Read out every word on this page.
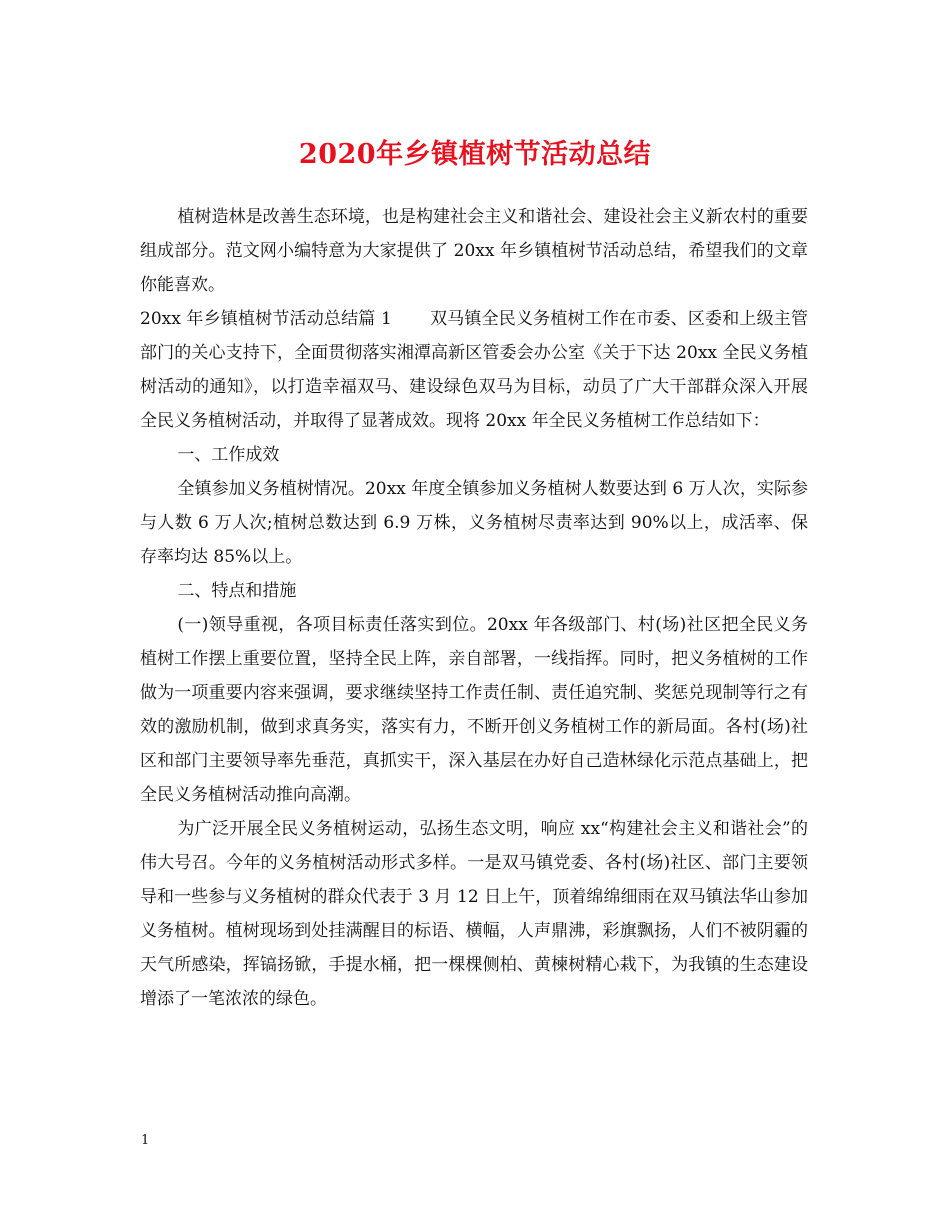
2020年乡镇植树节活动总结

植树造林是改善生态环境，也是构建社会主义和谐社会、建设社会主义新农村的重要组成部分。范文网小编特意为大家提供了 20xx 年乡镇植树节活动总结，希望我们的文章你能喜欢。

20xx 年乡镇植树节活动总结篇 1 双马镇全民义务植树工作在市委、区委和上级主管部门的关心支持下，全面贯彻落实湘潭高新区管委会办公室《关于下达 20xx 全民义务植树活动的通知》，以打造幸福双马、建设绿色双马为目标，动员了广大干部群众深入开展全民义务植树活动，并取得了显著成效。现将 20xx 年全民义务植树工作总结如下：

一、工作成效

全镇参加义务植树情况。20xx 年度全镇参加义务植树人数要达到 6 万人次，实际参与人数 6 万人次;植树总数达到 6.9 万株，义务植树尽责率达到 90%以上，成活率、保存率均达 85%以上。

二、特点和措施

(一)领导重视，各项目标责任落实到位。20xx 年各级部门、村(场)社区把全民义务植树工作摆上重要位置，坚持全民上阵，亲自部署，一线指挥。同时，把义务植树的工作做为一项重要内容来强调，要求继续坚持工作责任制、责任追究制、奖惩兑现制等行之有效的激励机制，做到求真务实，落实有力，不断开创义务植树工作的新局面。各村(场)社区和部门主要领导率先垂范，真抓实干，深入基层在办好自己造林绿化示范点基础上，把全民义务植树活动推向高潮。

为广泛开展全民义务植树运动，弘扬生态文明，响应 xx“构建社会主义和谐社会”的伟大号召。今年的义务植树活动形式多样。一是双马镇党委、各村(场)社区、部门主要领导和一些参与义务植树的群众代表于 3 月 12 日上午，顶着绵绵细雨在双马镇法华山参加义务植树。植树现场到处挂满醒目的标语、横幅，人声鼎沸，彩旗飘扬，人们不被阴霾的天气所感染，挥镐扬锨，手提水桶，把一棵棵侧柏、黄楝树精心栽下，为我镇的生态建设增添了一笔浓浓的绿色。

1
